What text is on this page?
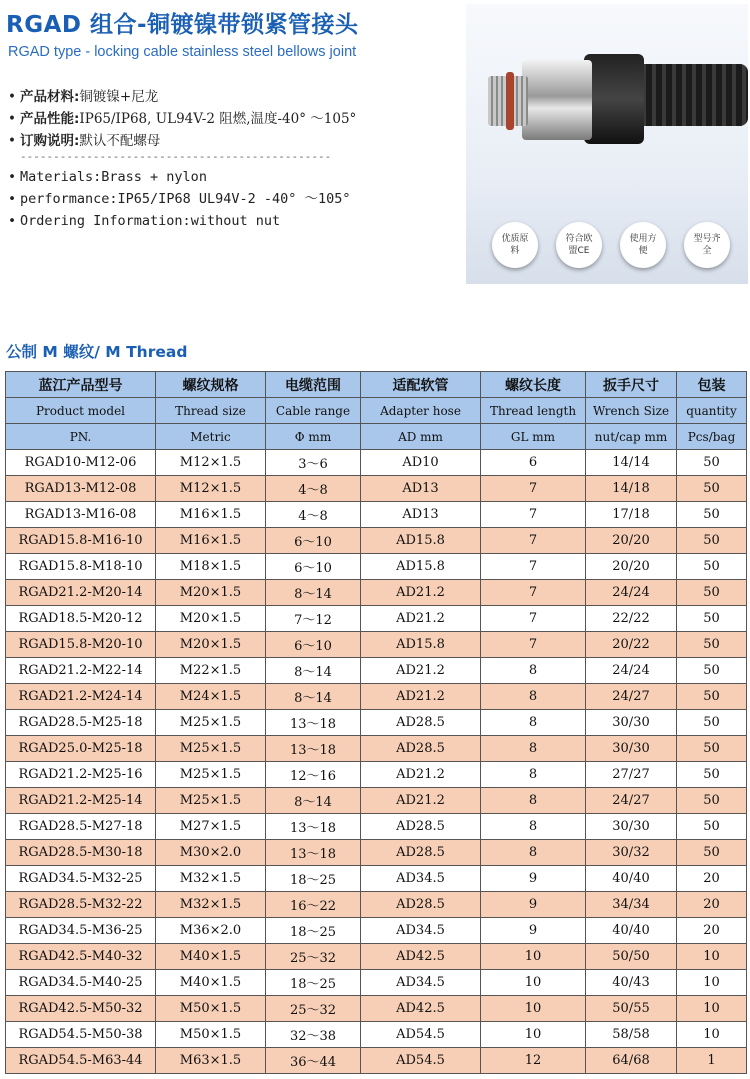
RGAD 组合-铜镀镍带锁紧管接头
RGAD type - locking cable stainless steel bellows joint
• 产品材料:铜镀镍+尼龙
• 产品性能:IP65/IP68, UL94V-2 阻燃,温度-40° ～105°
• 订购说明:默认不配螺母
-----------------------------------------------
• Materials:Brass + nylon
• performance:IP65/IP68 UL94V-2 -40° ～105°
• Ordering Information:without nut
优质原料
符合欧盟CE
使用方便
型号齐全
公制 M 螺纹/ M Thread
蓝江产品型号	螺纹规格	电缆范围	适配软管	螺纹长度	扳手尺寸	包装
Product model	Thread size	Cable range	Adapter hose	Thread length	Wrench Size	quantity
PN.	Metric	Φ mm	AD mm	GL mm	nut/cap mm	Pcs/bag
RGAD10-M12-06	M12×1.5	3～6	AD10	6	14/14	50
RGAD13-M12-08	M12×1.5	4～8	AD13	7	14/18	50
RGAD13-M16-08	M16×1.5	4～8	AD13	7	17/18	50
RGAD15.8-M16-10	M16×1.5	6～10	AD15.8	7	20/20	50
RGAD15.8-M18-10	M18×1.5	6～10	AD15.8	7	20/20	50
RGAD21.2-M20-14	M20×1.5	8～14	AD21.2	7	24/24	50
RGAD18.5-M20-12	M20×1.5	7～12	AD21.2	7	22/22	50
RGAD15.8-M20-10	M20×1.5	6～10	AD15.8	7	20/22	50
RGAD21.2-M22-14	M22×1.5	8～14	AD21.2	8	24/24	50
RGAD21.2-M24-14	M24×1.5	8～14	AD21.2	8	24/27	50
RGAD28.5-M25-18	M25×1.5	13～18	AD28.5	8	30/30	50
RGAD25.0-M25-18	M25×1.5	13～18	AD28.5	8	30/30	50
RGAD21.2-M25-16	M25×1.5	12～16	AD21.2	8	27/27	50
RGAD21.2-M25-14	M25×1.5	8～14	AD21.2	8	24/27	50
RGAD28.5-M27-18	M27×1.5	13～18	AD28.5	8	30/30	50
RGAD28.5-M30-18	M30×2.0	13～18	AD28.5	8	30/32	50
RGAD34.5-M32-25	M32×1.5	18～25	AD34.5	9	40/40	20
RGAD28.5-M32-22	M32×1.5	16～22	AD28.5	9	34/34	20
RGAD34.5-M36-25	M36×2.0	18～25	AD34.5	9	40/40	20
RGAD42.5-M40-32	M40×1.5	25～32	AD42.5	10	50/50	10
RGAD34.5-M40-25	M40×1.5	18～25	AD34.5	10	40/43	10
RGAD42.5-M50-32	M50×1.5	25～32	AD42.5	10	50/55	10
RGAD54.5-M50-38	M50×1.5	32～38	AD54.5	10	58/58	10
RGAD54.5-M63-44	M63×1.5	36～44	AD54.5	12	64/68	1
